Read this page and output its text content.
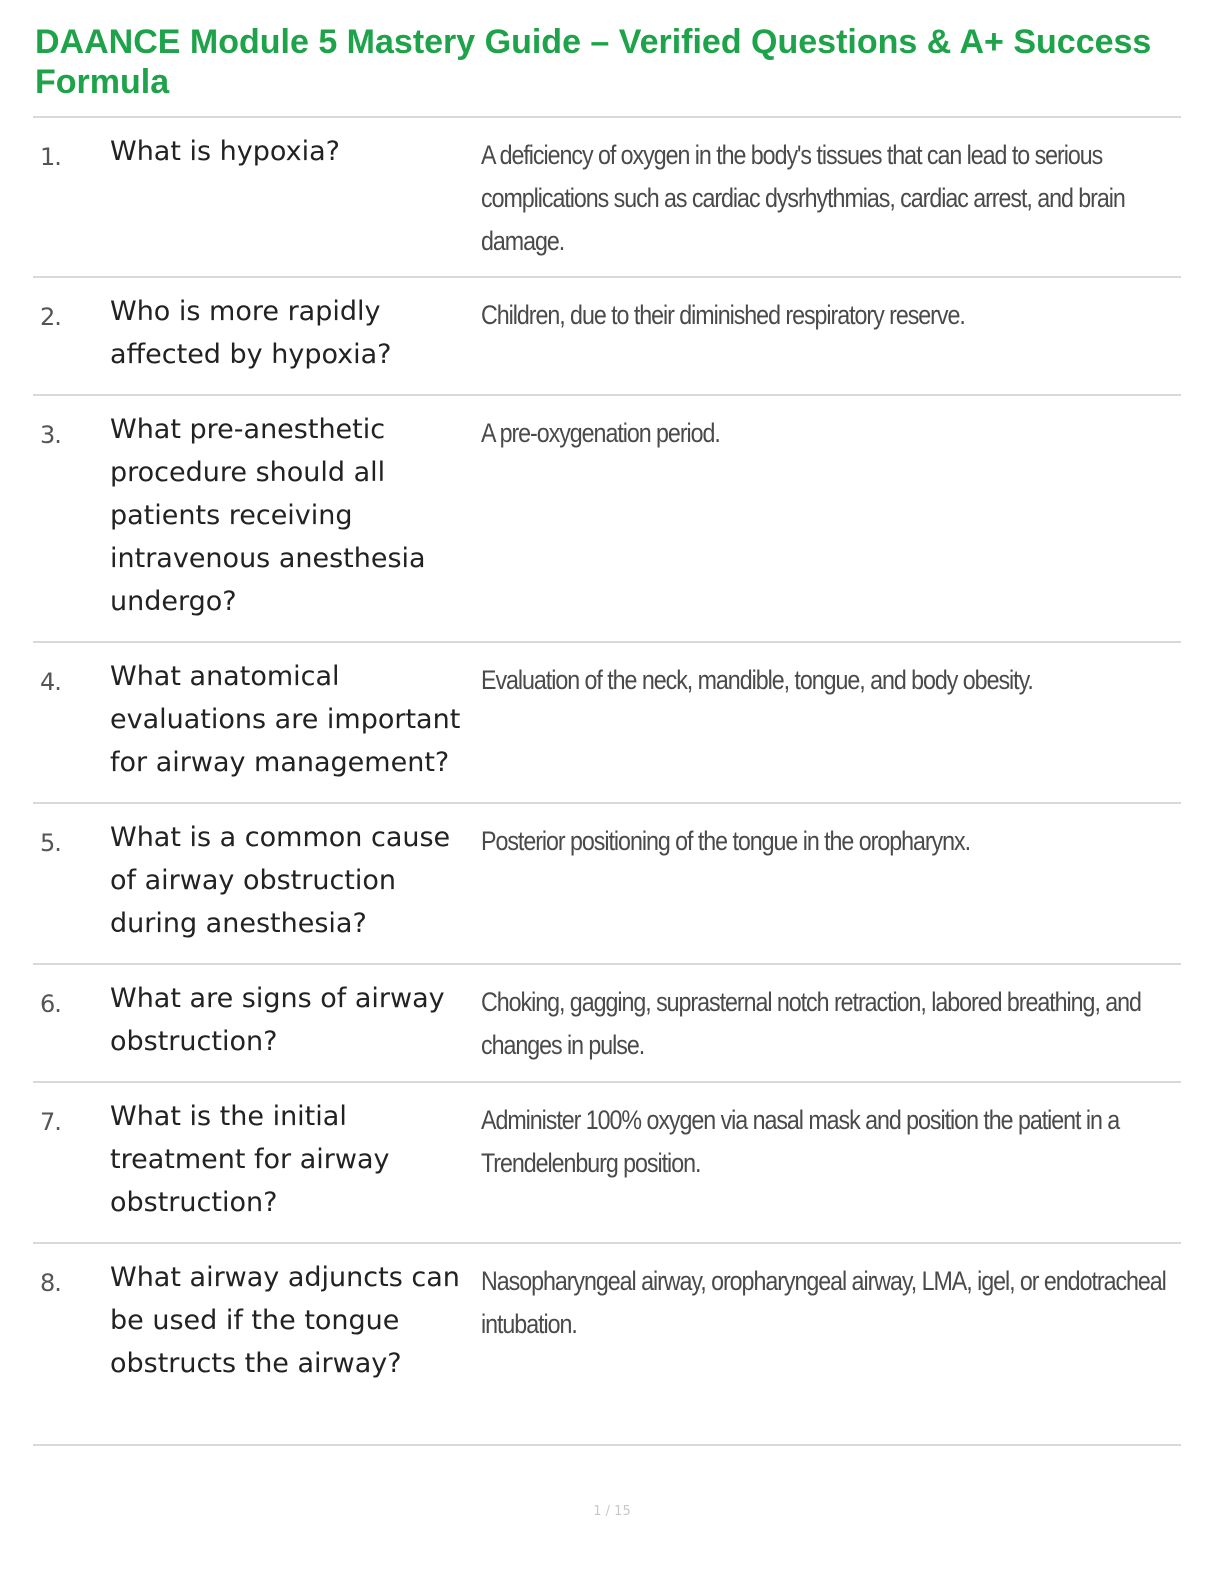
DAANCE Module 5 Mastery Guide – Verified Questions & A+ Success Formula
1. What is hypoxia?	A deficiency of oxygen in the body's tissues that can lead to serious complications such as cardiac dysrhythmias, cardiac arrest, and brain damage.
2. Who is more rapidly affected by hypoxia?
Children, due to their diminished respiratory reserve.
3. What pre-anesthetic procedure should all patients receiving intravenous anesthesia undergo?
A pre-oxygenation period.
4. What anatomical evaluations are important for airway management?
Evaluation of the neck, mandible, tongue, and body obesity.
5. What is a common cause of airway obstruction during anesthesia?
Posterior positioning of the tongue in the oropharynx.
6. What are signs of airway obstruction?
Choking, gagging, suprasternal notch retraction, labored breathing, and changes in pulse.
7. What is the initial treatment for airway obstruction?
Administer 100% oxygen via nasal mask and position the patient in a Trendelenburg position.
8. What airway adjuncts can be used if the tongue obstructs the airway?
Nasopharyngeal airway, oropharyngeal airway, LMA, igel, or endotracheal intubation.
1 / 15
